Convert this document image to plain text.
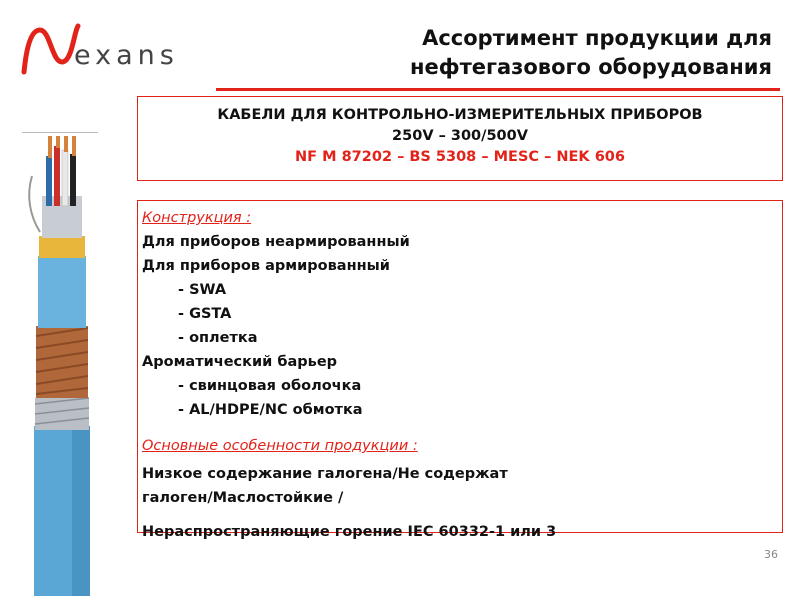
exans
Ассортимент продукции для
нефтегазового оборудования
КАБЕЛИ ДЛЯ КОНТРОЛЬНО-ИЗМЕРИТЕЛЬНЫХ ПРИБОРОВ
250V – 300/500V
NF M 87202 – BS 5308 – MESC – NEK 606
Конструкция :
Для приборов неармированный
Для приборов армированный
- SWA
- GSTA
- оплетка
Ароматический барьер
- свинцовая оболочка
- AL/HDPE/NC обмотка
Основные особенности продукции :
Низкое содержание галогена/Не содержат
галоген/Маслостойкие /
Нераспространяющие горение IEC 60332-1 или 3
36
